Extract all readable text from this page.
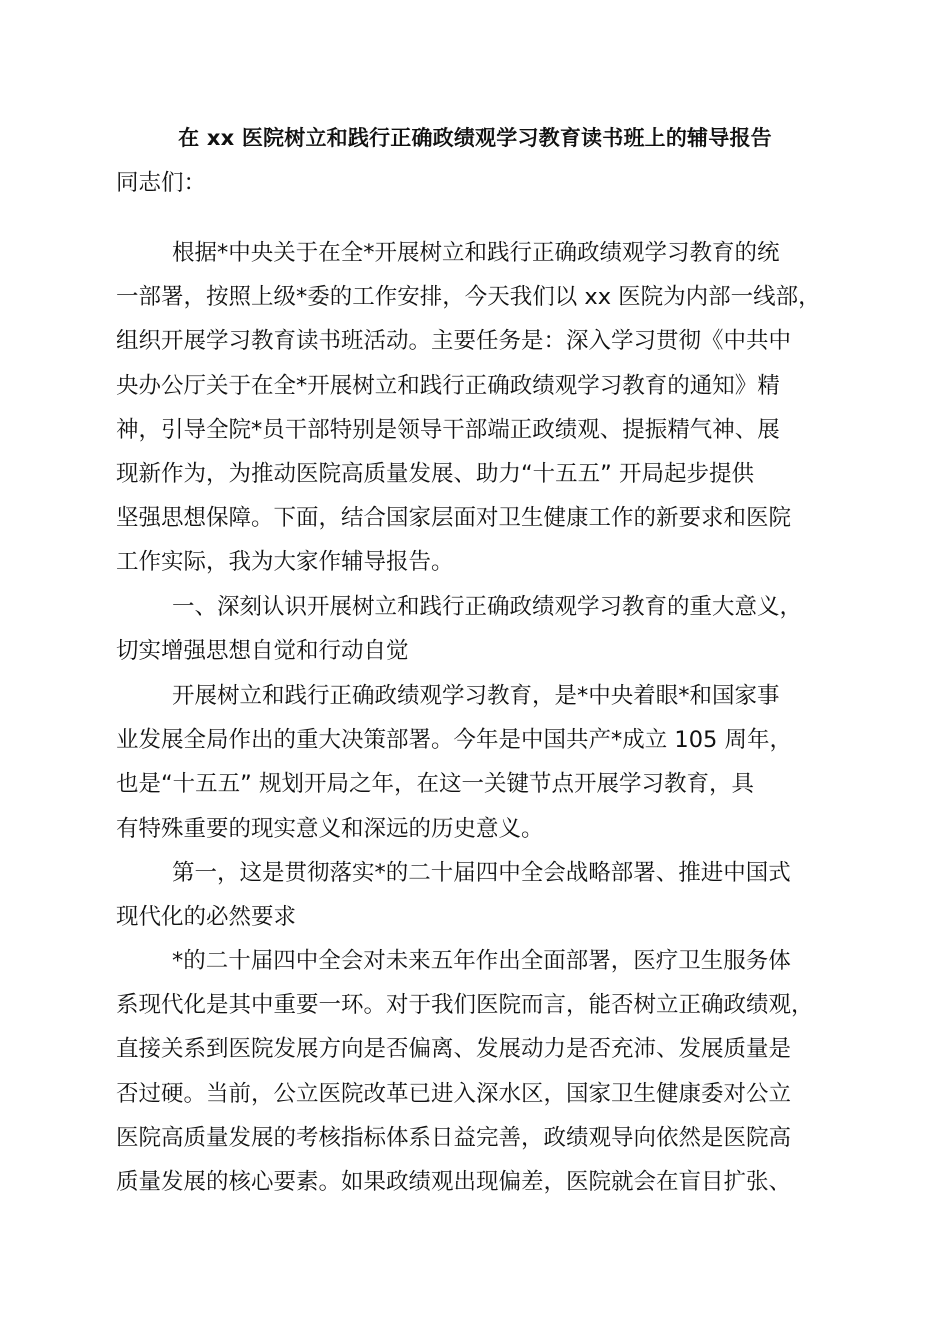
在 xx 医院树立和践行正确政绩观学习教育读书班上的辅导报告
同志们：
根据*中央关于在全*开展树立和践行正确政绩观学习教育的统
一部署，按照上级*委的工作安排，今天我们以 xx 医院为内部一线部，
组织开展学习教育读书班活动。主要任务是：深入学习贯彻《中共中
央办公厅关于在全*开展树立和践行正确政绩观学习教育的通知》精
神，引导全院*员干部特别是领导干部端正政绩观、提振精气神、展
现新作为，为推动医院高质量发展、助力“十五五” 开局起步提供
坚强思想保障。下面，结合国家层面对卫生健康工作的新要求和医院
工作实际，我为大家作辅导报告。
一、深刻认识开展树立和践行正确政绩观学习教育的重大意义，
切实增强思想自觉和行动自觉
开展树立和践行正确政绩观学习教育，是*中央着眼*和国家事
业发展全局作出的重大决策部署。今年是中国共产*成立 105 周年，
也是“十五五” 规划开局之年，在这一关键节点开展学习教育，具
有特殊重要的现实意义和深远的历史意义。
第一，这是贯彻落实*的二十届四中全会战略部署、推进中国式
现代化的必然要求
*的二十届四中全会对未来五年作出全面部署，医疗卫生服务体
系现代化是其中重要一环。对于我们医院而言，能否树立正确政绩观，
直接关系到医院发展方向是否偏离、发展动力是否充沛、发展质量是
否过硬。当前，公立医院改革已进入深水区，国家卫生健康委对公立
医院高质量发展的考核指标体系日益完善，政绩观导向依然是医院高
质量发展的核心要素。如果政绩观出现偏差，医院就会在盲目扩张、
